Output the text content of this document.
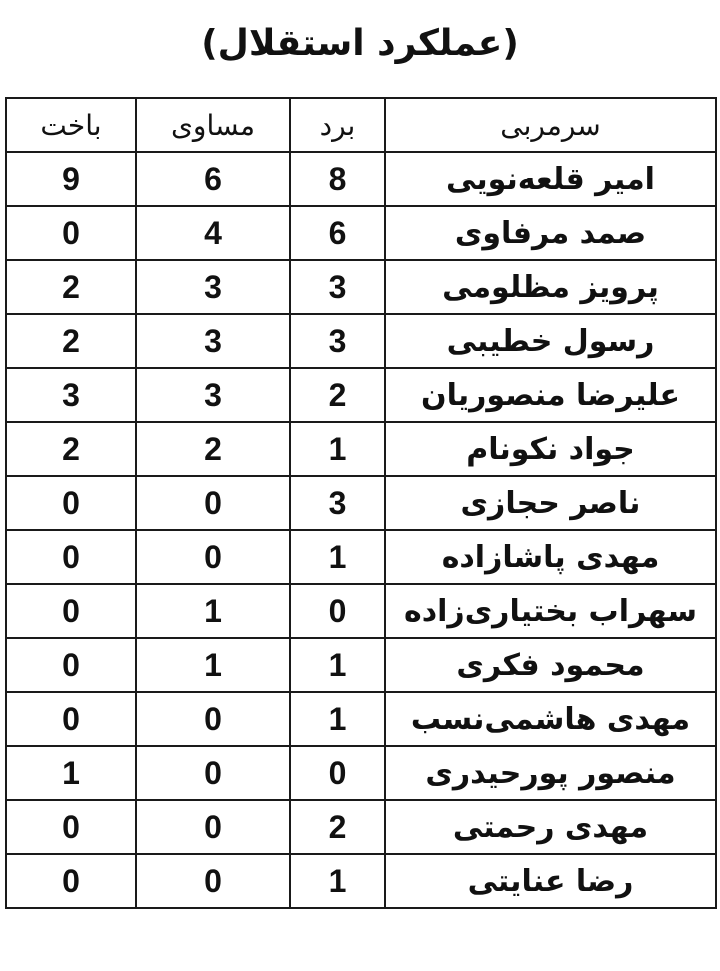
(عملکرد استقلال)
سرمربی	برد	مساوی	باخت
امیر قلعه‌نویی	8	6	9
صمد مرفاوی	6	4	0
پرویز مظلومی	3	3	2
رسول خطیبی	3	3	2
علیرضا منصوریان	2	3	3
جواد نکونام	1	2	2
ناصر حجازی	3	0	0
مهدی پاشازاده	1	0	0
سهراب بختیاری‌زاده	0	1	0
محمود فکری	1	1	0
مهدی هاشمی‌نسب	1	0	0
منصور پورحیدری	0	0	1
مهدی رحمتی	2	0	0
رضا عنایتی	1	0	0
